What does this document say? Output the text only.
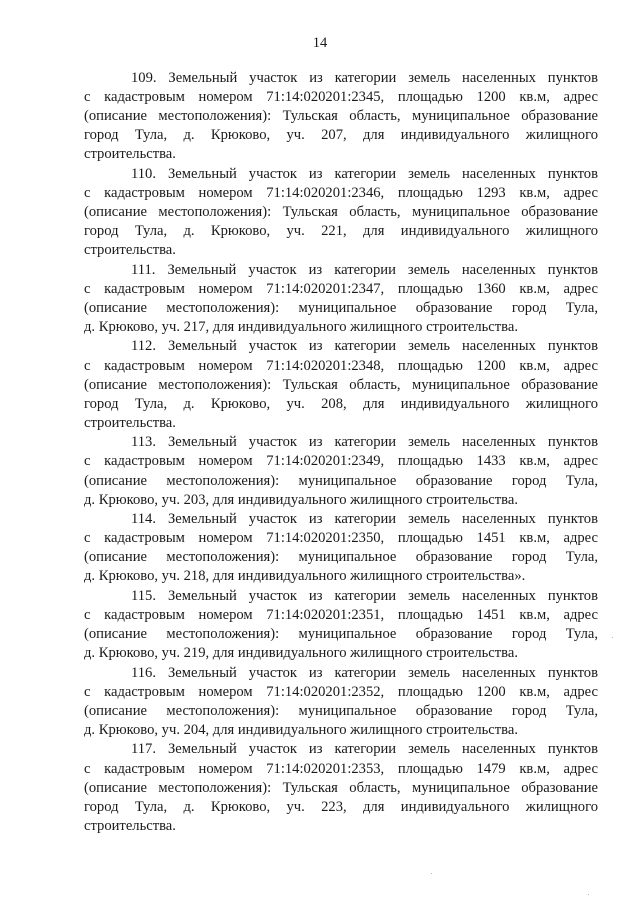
14
109. Земельный участок из категории земель населенных пунктов
с кадастровым номером 71:14:020201:2345, площадью 1200 кв.м, адрес
(описание местоположения): Тульская область, муниципальное образование
город Тула, д. Крюково, уч. 207, для индивидуального жилищного
строительства.
110. Земельный участок из категории земель населенных пунктов
с кадастровым номером 71:14:020201:2346, площадью 1293 кв.м, адрес
(описание местоположения): Тульская область, муниципальное образование
город Тула, д. Крюково, уч. 221, для индивидуального жилищного
строительства.
111. Земельный участок из категории земель населенных пунктов
с кадастровым номером 71:14:020201:2347, площадью 1360 кв.м, адрес
(описание местоположения): муниципальное образование город Тула,
д. Крюково, уч. 217, для индивидуального жилищного строительства.
112. Земельный участок из категории земель населенных пунктов
с кадастровым номером 71:14:020201:2348, площадью 1200 кв.м, адрес
(описание местоположения): Тульская область, муниципальное образование
город Тула, д. Крюково, уч. 208, для индивидуального жилищного
строительства.
113. Земельный участок из категории земель населенных пунктов
с кадастровым номером 71:14:020201:2349, площадью 1433 кв.м, адрес
(описание местоположения): муниципальное образование город Тула,
д. Крюково, уч. 203, для индивидуального жилищного строительства.
114. Земельный участок из категории земель населенных пунктов
с кадастровым номером 71:14:020201:2350, площадью 1451 кв.м, адрес
(описание местоположения): муниципальное образование город Тула,
д. Крюково, уч. 218, для индивидуального жилищного строительства».
115. Земельный участок из категории земель населенных пунктов
с кадастровым номером 71:14:020201:2351, площадью 1451 кв.м, адрес
(описание местоположения): муниципальное образование город Тула,
д. Крюково, уч. 219, для индивидуального жилищного строительства.
116. Земельный участок из категории земель населенных пунктов
с кадастровым номером 71:14:020201:2352, площадью 1200 кв.м, адрес
(описание местоположения): муниципальное образование город Тула,
д. Крюково, уч. 204, для индивидуального жилищного строительства.
117. Земельный участок из категории земель населенных пунктов
с кадастровым номером 71:14:020201:2353, площадью 1479 кв.м, адрес
(описание местоположения): Тульская область, муниципальное образование
город Тула, д. Крюково, уч. 223, для индивидуального жилищного
строительства.
